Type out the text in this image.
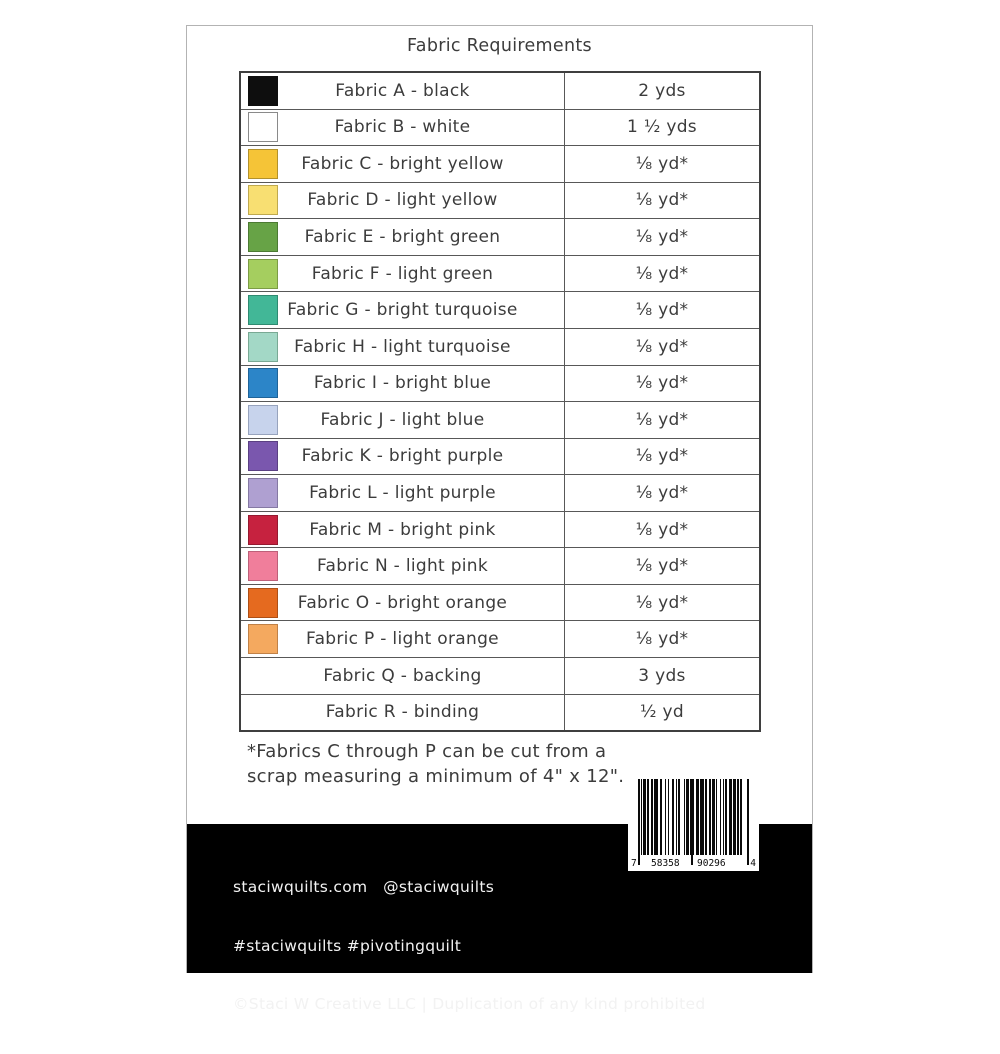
Fabric Requirements
Fabric A - black	2 yds
Fabric B - white	1 ½ yds
Fabric C - bright yellow	⅛ yd*
Fabric D - light yellow	⅛ yd*
Fabric E - bright green	⅛ yd*
Fabric F - light green	⅛ yd*
Fabric G - bright turquoise	⅛ yd*
Fabric H - light turquoise	⅛ yd*
Fabric I - bright blue	⅛ yd*
Fabric J - light blue	⅛ yd*
Fabric K - bright purple	⅛ yd*
Fabric L - light purple	⅛ yd*
Fabric M - bright pink	⅛ yd*
Fabric N - light pink	⅛ yd*
Fabric O - bright orange	⅛ yd*
Fabric P - light orange	⅛ yd*
Fabric Q - backing	3 yds
Fabric R - binding	½ yd
*Fabrics C through P can be cut from a
scrap measuring a minimum of 4" x 12".

staciwquilts.com   @staciwquilts

#staciwquilts #pivotingquilt

©Staci W Creative LLC | Duplication of any kind prohibited

7 58358 90296	4
